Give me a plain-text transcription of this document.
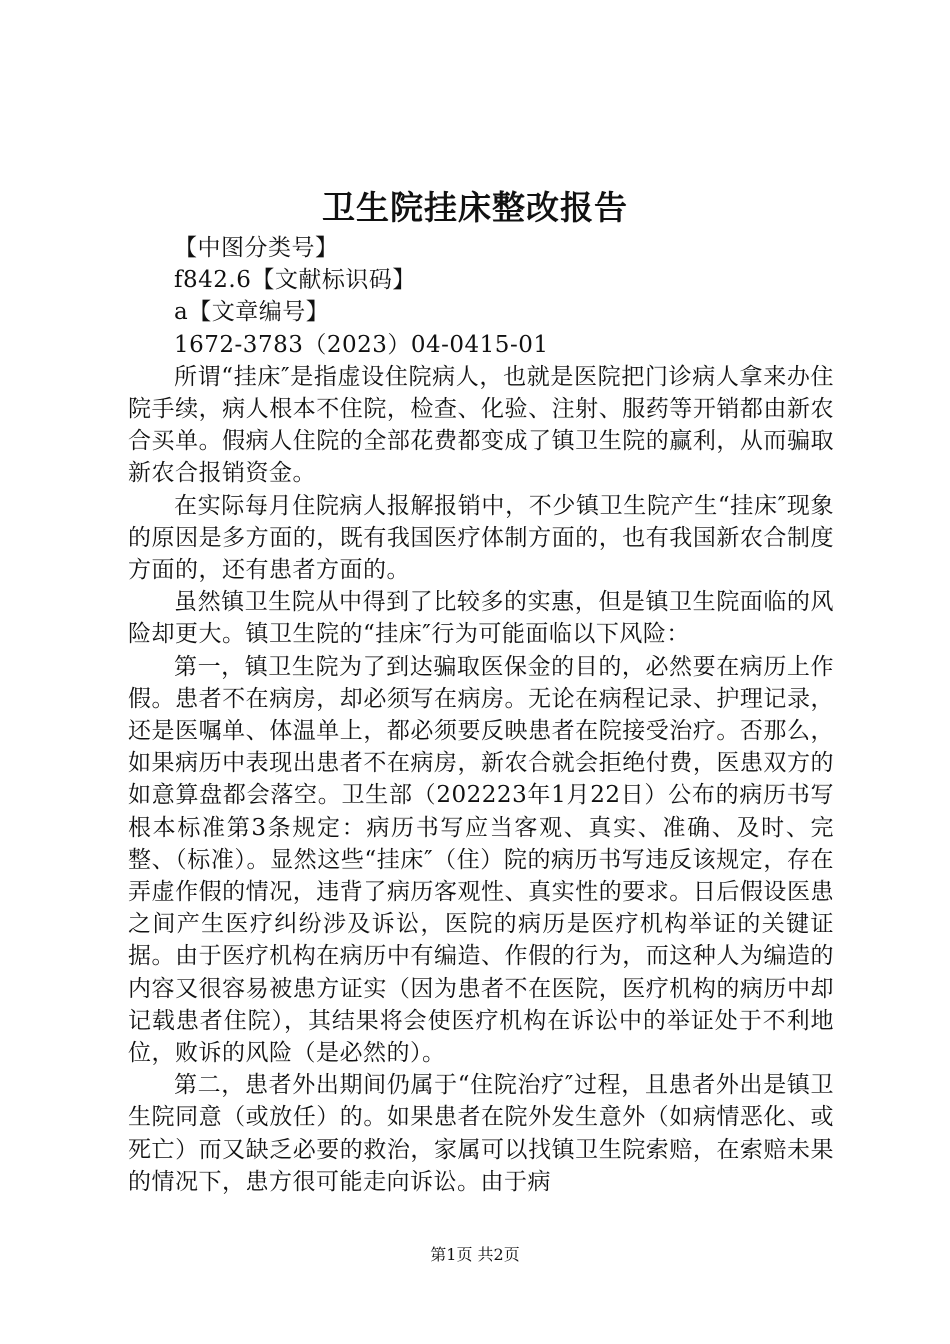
卫生院挂床整改报告

【中图分类号】

f842.6【文献标识码】

a【文章编号】

1672-3783（2023）04-0415-01

所谓“挂床″是指虚设住院病人，也就是医院把门诊病人拿来办住院手续，病人根本不住院，检查、化验、注射、服药等开销都由新农合买单。假病人住院的全部花费都变成了镇卫生院的赢利，从而骗取新农合报销资金。

在实际每月住院病人报解报销中，不少镇卫生院产生“挂床″现象的原因是多方面的，既有我国医疗体制方面的，也有我国新农合制度方面的，还有患者方面的。

虽然镇卫生院从中得到了比较多的实惠，但是镇卫生院面临的风险却更大。镇卫生院的“挂床″行为可能面临以下风险：

第一，镇卫生院为了到达骗取医保金的目的，必然要在病历上作假。患者不在病房，却必须写在病房。无论在病程记录、护理记录，还是医嘱单、体温单上，都必须要反映患者在院接受治疗。否那么，如果病历中表现出患者不在病房，新农合就会拒绝付费，医患双方的如意算盘都会落空。卫生部（202223年1月22日）公布的病历书写根本标准第3条规定：病历书写应当客观、真实、准确、及时、完整、（标准）。显然这些“挂床″（住）院的病历书写违反该规定，存在弄虚作假的情况，违背了病历客观性、真实性的要求。日后假设医患之间产生医疗纠纷涉及诉讼，医院的病历是医疗机构举证的关键证据。由于医疗机构在病历中有编造、作假的行为，而这种人为编造的内容又很容易被患方证实（因为患者不在医院，医疗机构的病历中却记载患者住院），其结果将会使医疗机构在诉讼中的举证处于不利地位，败诉的风险（是必然的）。

第二，患者外出期间仍属于“住院治疗″过程，且患者外出是镇卫生院同意（或放任）的。如果患者在院外发生意外（如病情恶化、或死亡）而又缺乏必要的救治，家属可以找镇卫生院索赔，在索赔未果的情况下，患方很可能走向诉讼。由于病

第1页 共2页
